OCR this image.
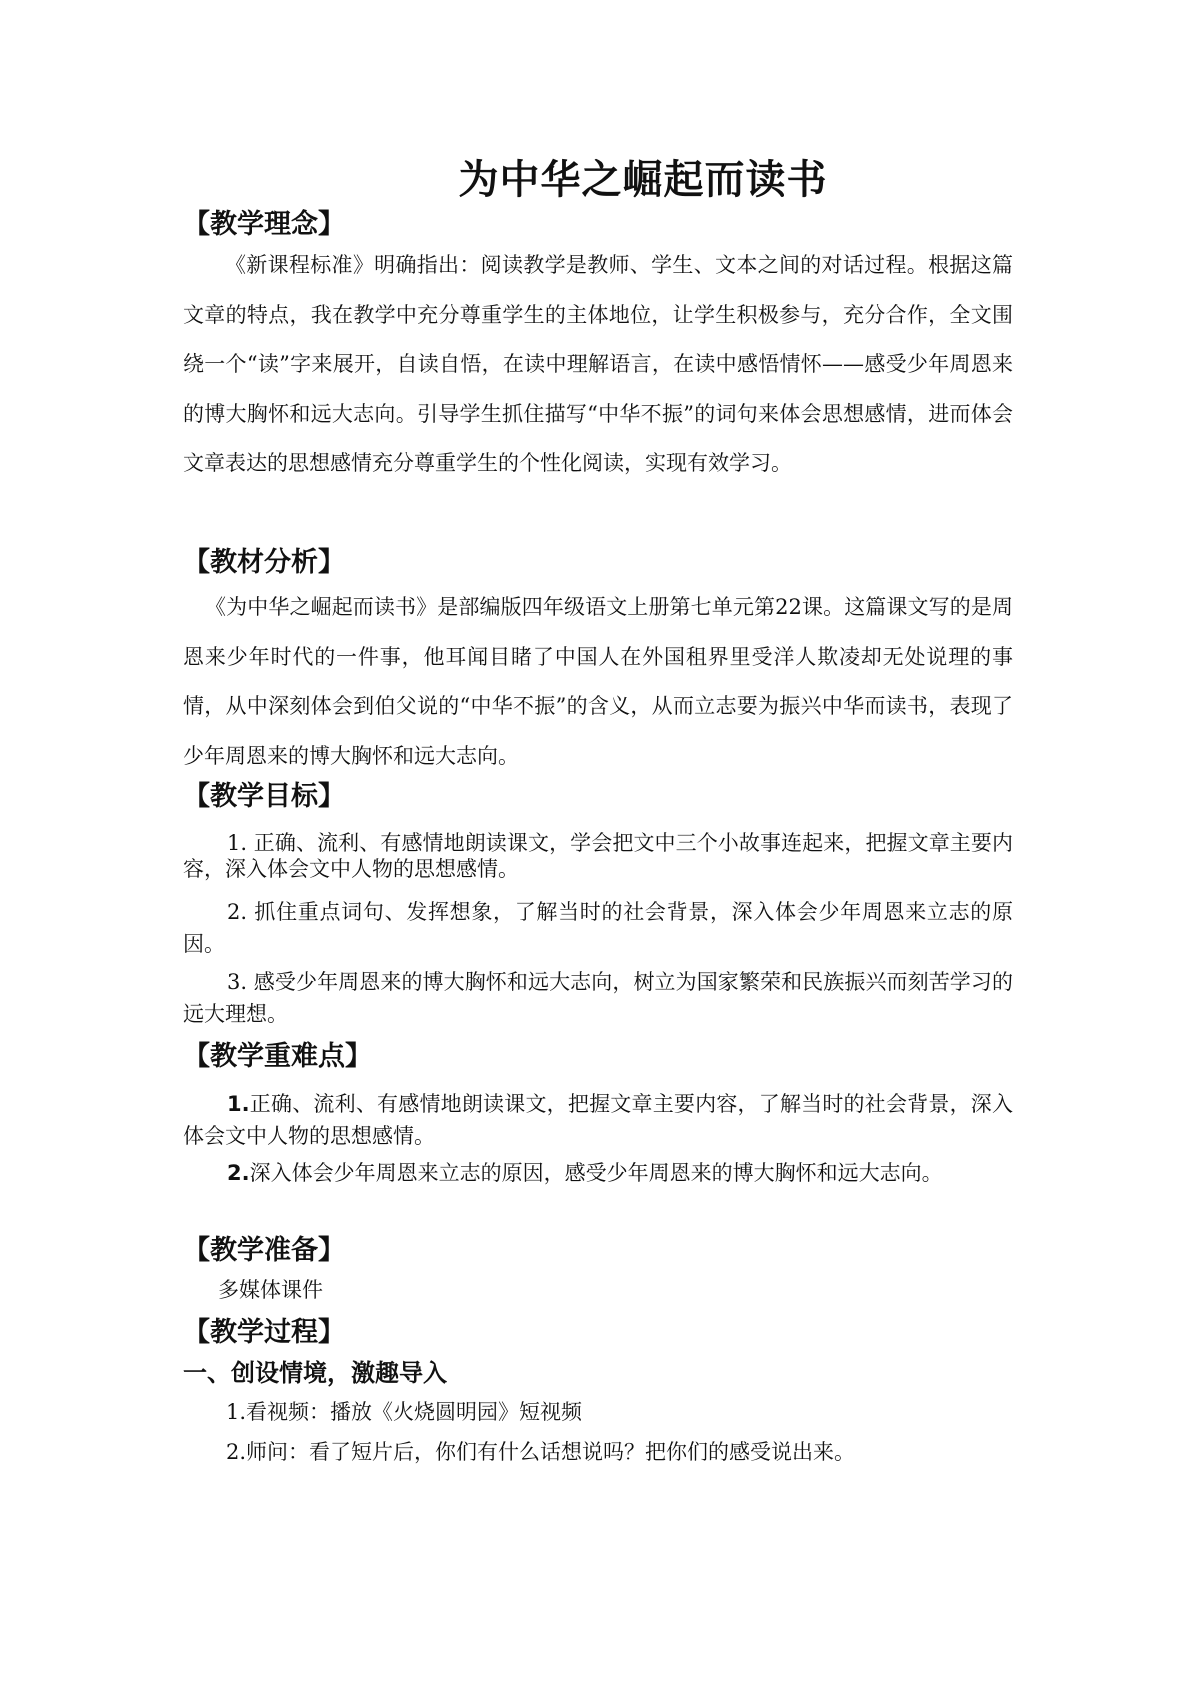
为中华之崛起而读书
【教学理念】
《新课程标准》明确指出：阅读教学是教师、学生、文本之间的对话过程。根据这篇文章的特点，我在教学中充分尊重学生的主体地位，让学生积极参与，充分合作，全文围绕一个“读”字来展开，自读自悟，在读中理解语言，在读中感悟情怀——感受少年周恩来的博大胸怀和远大志向。引导学生抓住描写“中华不振”的词句来体会思想感情，进而体会文章表达的思想感情充分尊重学生的个性化阅读，实现有效学习。
【教材分析】
《为中华之崛起而读书》是部编版四年级语文上册第七单元第22课。这篇课文写的是周恩来少年时代的一件事，他耳闻目睹了中国人在外国租界里受洋人欺凌却无处说理的事情，从中深刻体会到伯父说的“中华不振”的含义，从而立志要为振兴中华而读书，表现了少年周恩来的博大胸怀和远大志向。
【教学目标】
1. 正确、流利、有感情地朗读课文，学会把文中三个小故事连起来，把握文章主要内容，深入体会文中人物的思想感情。
2. 抓住重点词句、发挥想象，了解当时的社会背景，深入体会少年周恩来立志的原因。
3. 感受少年周恩来的博大胸怀和远大志向，树立为国家繁荣和民族振兴而刻苦学习的远大理想。
【教学重难点】
1.正确、流利、有感情地朗读课文，把握文章主要内容，了解当时的社会背景，深入体会文中人物的思想感情。
2.深入体会少年周恩来立志的原因，感受少年周恩来的博大胸怀和远大志向。
【教学准备】
多媒体课件
【教学过程】
一、创设情境，激趣导入
1.看视频：播放《火烧圆明园》短视频
2.师问：看了短片后，你们有什么话想说吗？把你们的感受说出来。
